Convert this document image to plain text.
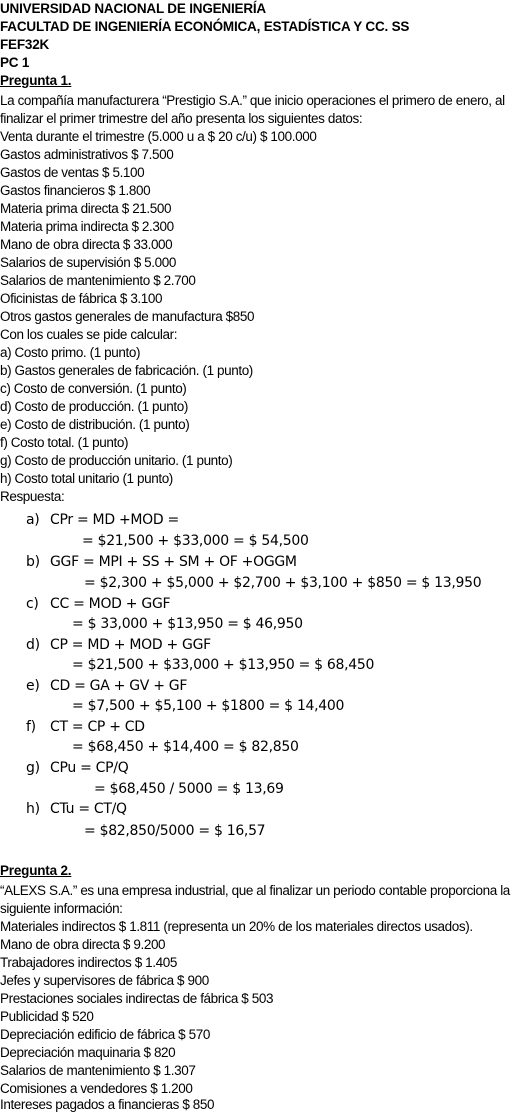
UNIVERSIDAD NACIONAL DE INGENIERÍA
FACULTAD DE INGENIERÍA ECONÓMICA, ESTADÍSTICA Y CC. SS
FEF32K
PC 1
Pregunta 1.
La compañía manufacturera “Prestigio S.A.” que inicio operaciones el primero de enero, al
finalizar el primer trimestre del año presenta los siguientes datos:
Venta durante el trimestre (5.000 u a $ 20 c/u) $ 100.000
Gastos administrativos $ 7.500
Gastos de ventas $ 5.100
Gastos financieros $ 1.800
Materia prima directa $ 21.500
Materia prima indirecta $ 2.300
Mano de obra directa $ 33.000
Salarios de supervisión $ 5.000
Salarios de mantenimiento $ 2.700
Oficinistas de fábrica $ 3.100
Otros gastos generales de manufactura $850
Con los cuales se pide calcular:
a) Costo primo. (1 punto)
b) Gastos generales de fabricación. (1 punto)
c) Costo de conversión. (1 punto)
d) Costo de producción. (1 punto)
e) Costo de distribución. (1 punto)
f) Costo total. (1 punto)
g) Costo de producción unitario. (1 punto)
h) Costo total unitario (1 punto)
Respuesta:
a) CPr = MD +MOD =
= $21,500 + $33,000 = $ 54,500
b) GGF = MPI + SS + SM + OF +OGGM
= $2,300 + $5,000 + $2,700 + $3,100 + $850 = $ 13,950
c) CC = MOD + GGF
= $ 33,000 + $13,950 = $ 46,950
d) CP = MD + MOD + GGF
= $21,500 + $33,000 + $13,950 = $ 68,450
e) CD = GA + GV + GF
= $7,500 + $5,100 + $1800 = $ 14,400
f) CT = CP + CD
= $68,450 + $14,400 = $ 82,850
g) CPu = CP/Q
= $68,450 / 5000 = $ 13,69
h) CTu = CT/Q
= $82,850/5000 = $ 16,57
Pregunta 2.
“ALEXS S.A.” es una empresa industrial, que al finalizar un periodo contable proporciona la
siguiente información:
Materiales indirectos $ 1.811 (representa un 20% de los materiales directos usados).
Mano de obra directa $ 9.200
Trabajadores indirectos $ 1.405
Jefes y supervisores de fábrica $ 900
Prestaciones sociales indirectas de fábrica $ 503
Publicidad $ 520
Depreciación edificio de fábrica $ 570
Depreciación maquinaria $ 820
Salarios de mantenimiento $ 1.307
Comisiones a vendedores $ 1.200
Intereses pagados a financieras $ 850
